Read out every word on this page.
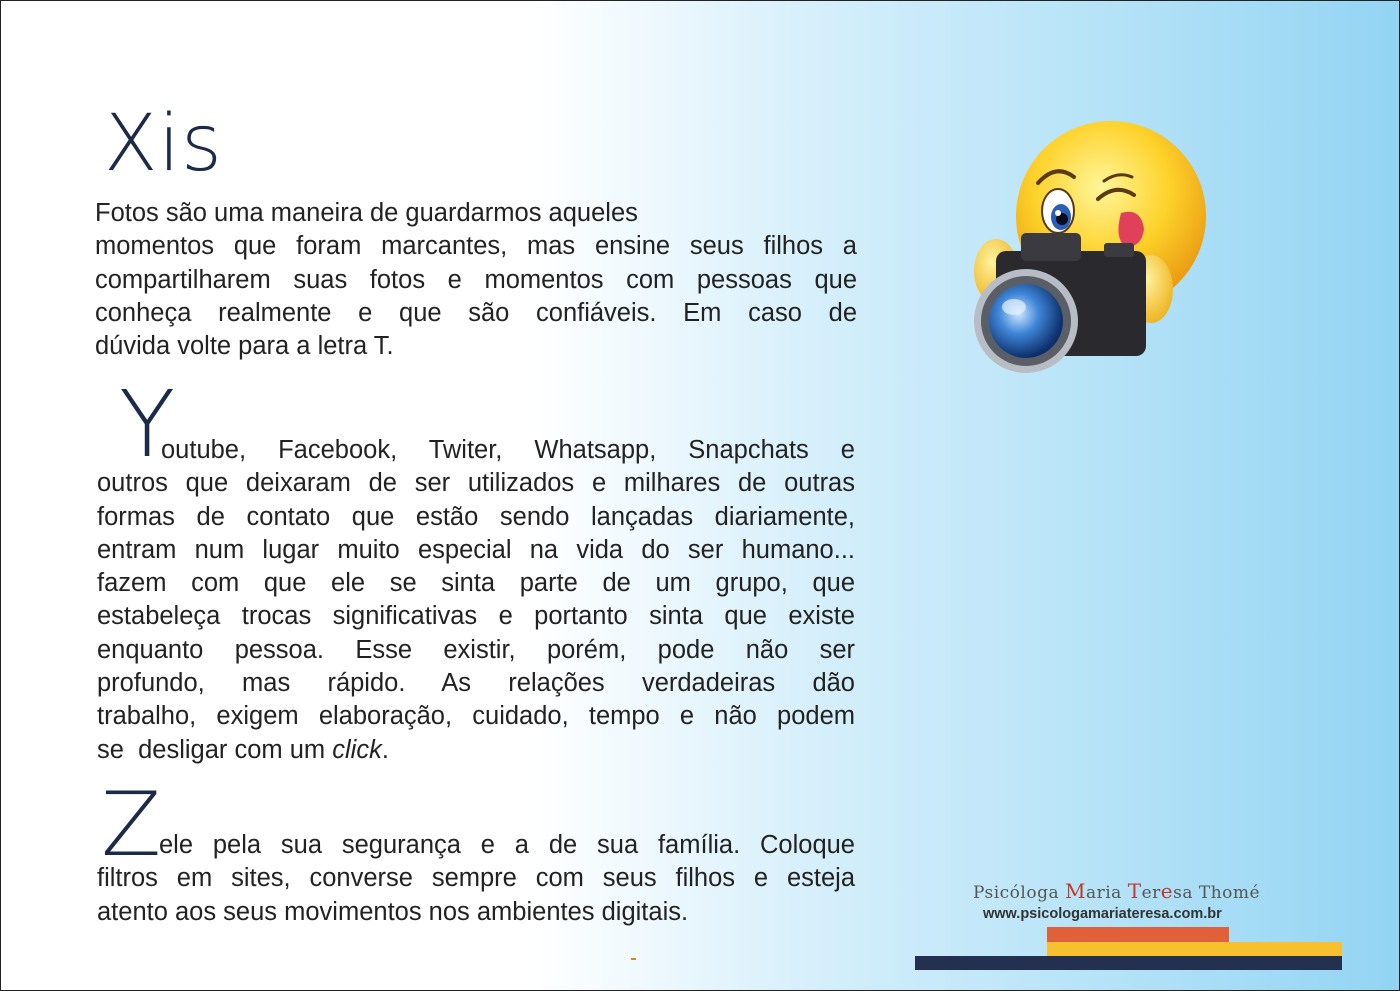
Xis
Fotos são uma maneira de guardarmos aqueles
momentos que foram marcantes, mas ensine seus filhos a
compartilharem suas fotos e momentos com pessoas que
conheça realmente e que são confiáveis. Em caso de
dúvida volte para a letra T.
Y
outube, Facebook, Twiter, Whatsapp, Snapchats e
outros que deixaram de ser utilizados e milhares de outras
formas de contato que estão sendo lançadas diariamente,
entram num lugar muito especial na vida do ser humano...
fazem com que ele se sinta parte de um grupo, que
estabeleça trocas significativas e portanto sinta que existe
enquanto pessoa. Esse existir, porém, pode não ser
profundo, mas rápido. As relações verdadeiras dão
trabalho, exigem elaboração, cuidado, tempo e não podem
se  desligar com um click.
Z
ele pela sua segurança e a de sua família. Coloque
filtros em sites, converse sempre com seus filhos e esteja
atento aos seus movimentos nos ambientes digitais.
Psicóloga Maria Teresa Thomé
www.psicologamariateresa.com.br
